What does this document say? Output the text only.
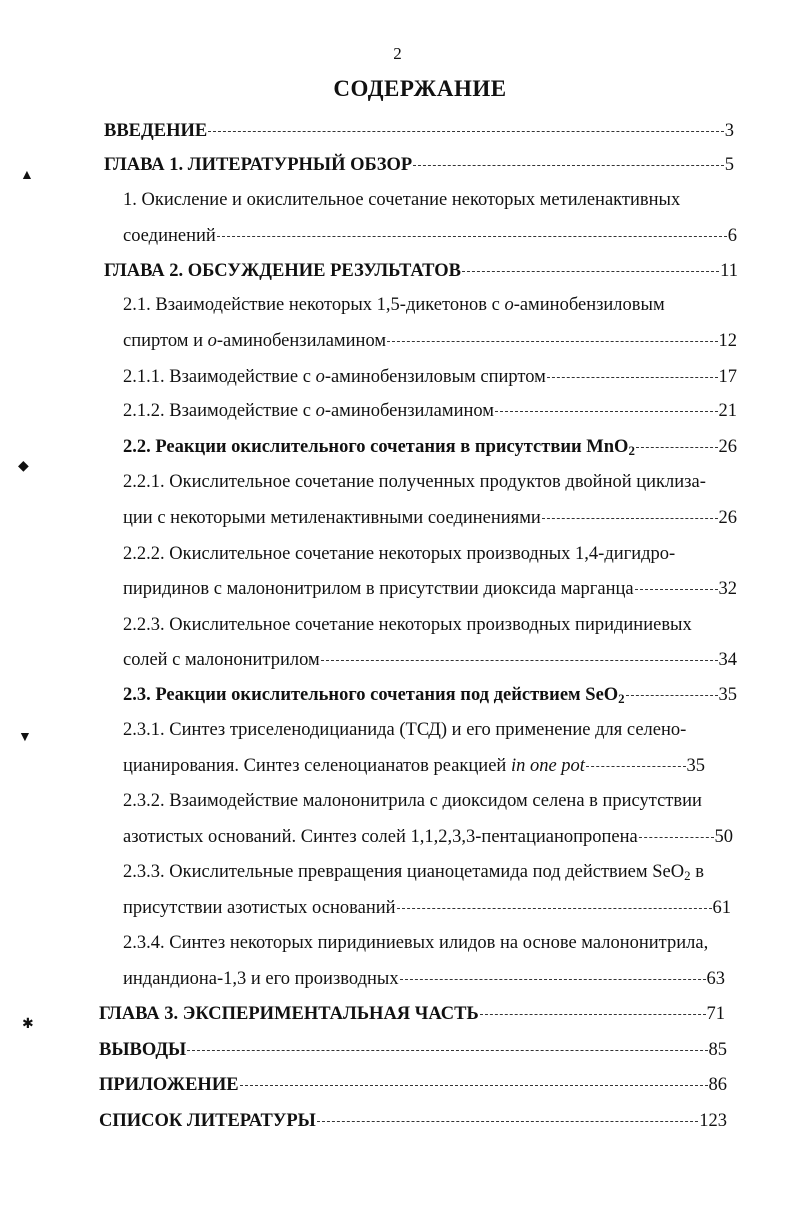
2
СОДЕРЖАНИЕ
▲
◆
▼
✱
ВВЕДЕНИЕ	3
ГЛАВА 1. ЛИТЕРАТУРНЫЙ ОБЗОР	5
1. Окисление и окислительное сочетание некоторых метиленактивных
соединений	6
ГЛАВА 2. ОБСУЖДЕНИЕ РЕЗУЛЬТАТОВ	11
2.1. Взаимодействие некоторых 1,5-дикетонов с о-аминобензиловым
спиртом и о-аминобензиламином	12
2.1.1. Взаимодействие с о-аминобензиловым спиртом	17
2.1.2. Взаимодействие с о-аминобензиламином	21
2.2. Реакции окислительного сочетания в присутствии MnO$_2$	26
2.2.1. Окислительное сочетание полученных продуктов двойной циклиза-
ции с некоторыми метиленактивными соединениями	26
2.2.2. Окислительное сочетание некоторых производных 1,4-дигидро-
пиридинов с малононитрилом в присутствии диоксида марганца	32
2.2.3. Окислительное сочетание некоторых производных пиридиниевых
солей с малононитрилом	34
2.3. Реакции окислительного сочетания под действием SeO$_2$	35
2.3.1. Синтез триселенодицианида (ТСД) и его применение для селено-
цианирования. Синтез селеноцианатов реакцией in one pot	35
2.3.2. Взаимодействие малононитрила с диоксидом селена в присутствии
азотистых оснований. Синтез солей 1,1,2,3,3-пентацианопропена	50
2.3.3. Окислительные превращения цианоцетамида под действием SeO$_2$ в
присутствии азотистых оснований	61
2.3.4. Синтез некоторых пиридиниевых илидов на основе малононитрила,
индандиона-1,3 и его производных	63
ГЛАВА 3. ЭКСПЕРИМЕНТАЛЬНАЯ ЧАСТЬ	71
ВЫВОДЫ	85
ПРИЛОЖЕНИЕ	86
СПИСОК ЛИТЕРАТУРЫ	123
